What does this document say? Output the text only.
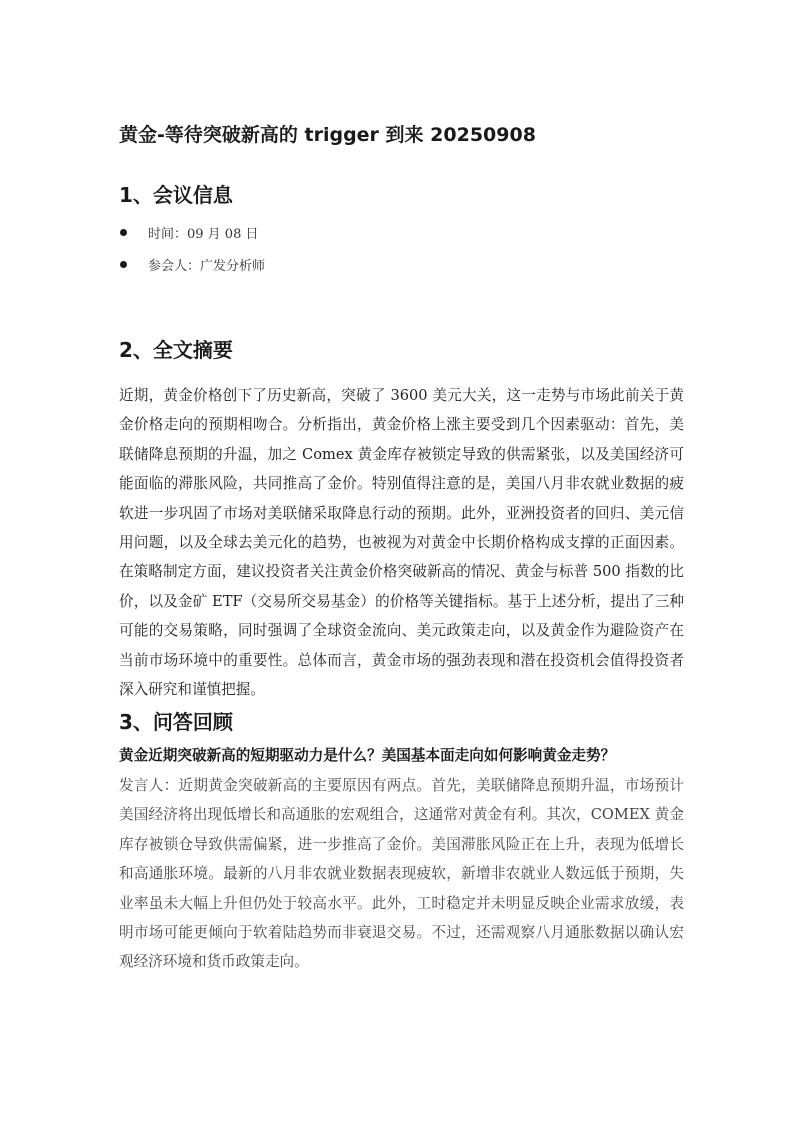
黄金-等待突破新高的 trigger 到来 20250908
1、会议信息
时间：09 月 08 日
参会人：广发分析师
2、全文摘要
近期，黄金价格创下了历史新高，突破了 3600 美元大关，这一走势与市场此前关于黄金价格走向的预期相吻合。分析指出，黄金价格上涨主要受到几个因素驱动：首先，美联储降息预期的升温，加之 Comex 黄金库存被锁定导致的供需紧张，以及美国经济可能面临的滞胀风险，共同推高了金价。特别值得注意的是，美国八月非农就业数据的疲软进一步巩固了市场对美联储采取降息行动的预期。此外，亚洲投资者的回归、美元信用问题，以及全球去美元化的趋势，也被视为对黄金中长期价格构成支撑的正面因素。 在策略制定方面，建议投资者关注黄金价格突破新高的情况、黄金与标普 500 指数的比价，以及金矿 ETF（交易所交易基金）的价格等关键指标。基于上述分析，提出了三种可能的交易策略，同时强调了全球资金流向、美元政策走向，以及黄金作为避险资产在当前市场环境中的重要性。总体而言，黄金市场的强劲表现和潜在投资机会值得投资者深入研究和谨慎把握。
3、问答回顾
黄金近期突破新高的短期驱动力是什么？美国基本面走向如何影响黄金走势？
发言人：近期黄金突破新高的主要原因有两点。首先，美联储降息预期升温，市场预计美国经济将出现低增长和高通胀的宏观组合，这通常对黄金有利。其次，COMEX 黄金库存被锁仓导致供需偏紧，进一步推高了金价。美国滞胀风险正在上升，表现为低增长和高通胀环境。最新的八月非农就业数据表现疲软，新增非农就业人数远低于预期，失业率虽未大幅上升但仍处于较高水平。此外，工时稳定并未明显反映企业需求放缓，表明市场可能更倾向于软着陆趋势而非衰退交易。不过，还需观察八月通胀数据以确认宏观经济环境和货币政策走向。
